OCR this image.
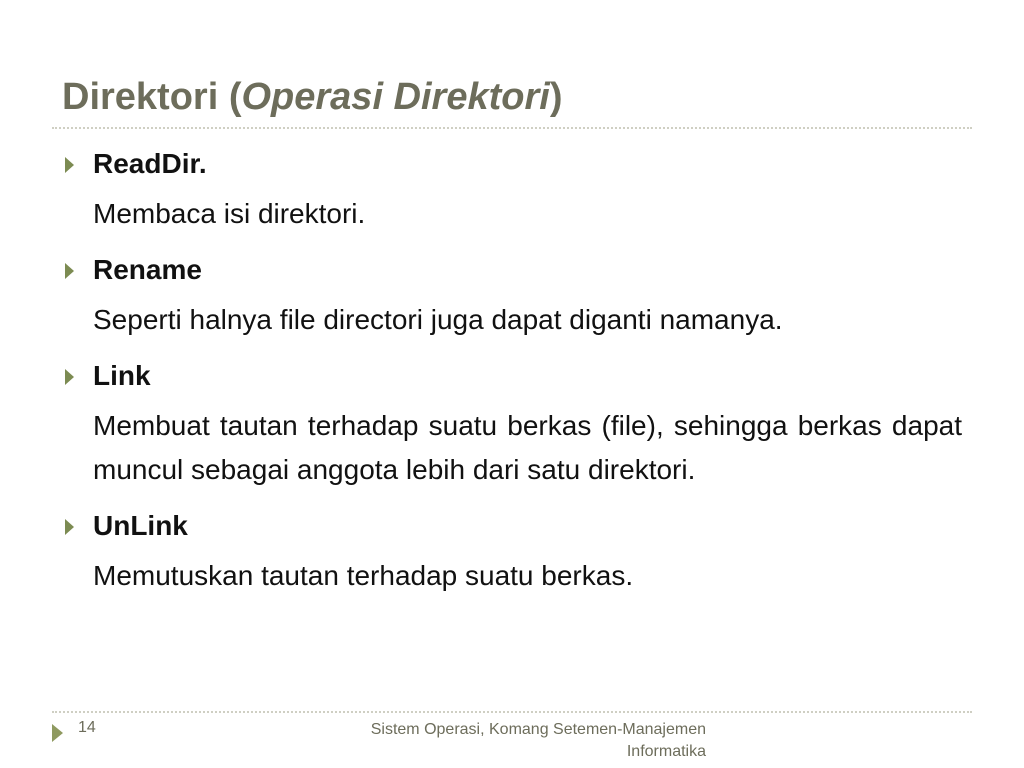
Direktori (Operasi Direktori)
ReadDir.
Membaca isi direktori.
Rename
Seperti halnya file directori juga dapat diganti namanya.
Link
Membuat tautan terhadap suatu berkas (file), sehingga berkas dapat muncul sebagai anggota lebih dari satu direktori.
UnLink
Memutuskan tautan terhadap suatu berkas.
14	Sistem Operasi, Komang Setemen-Manajemen
Informatika
